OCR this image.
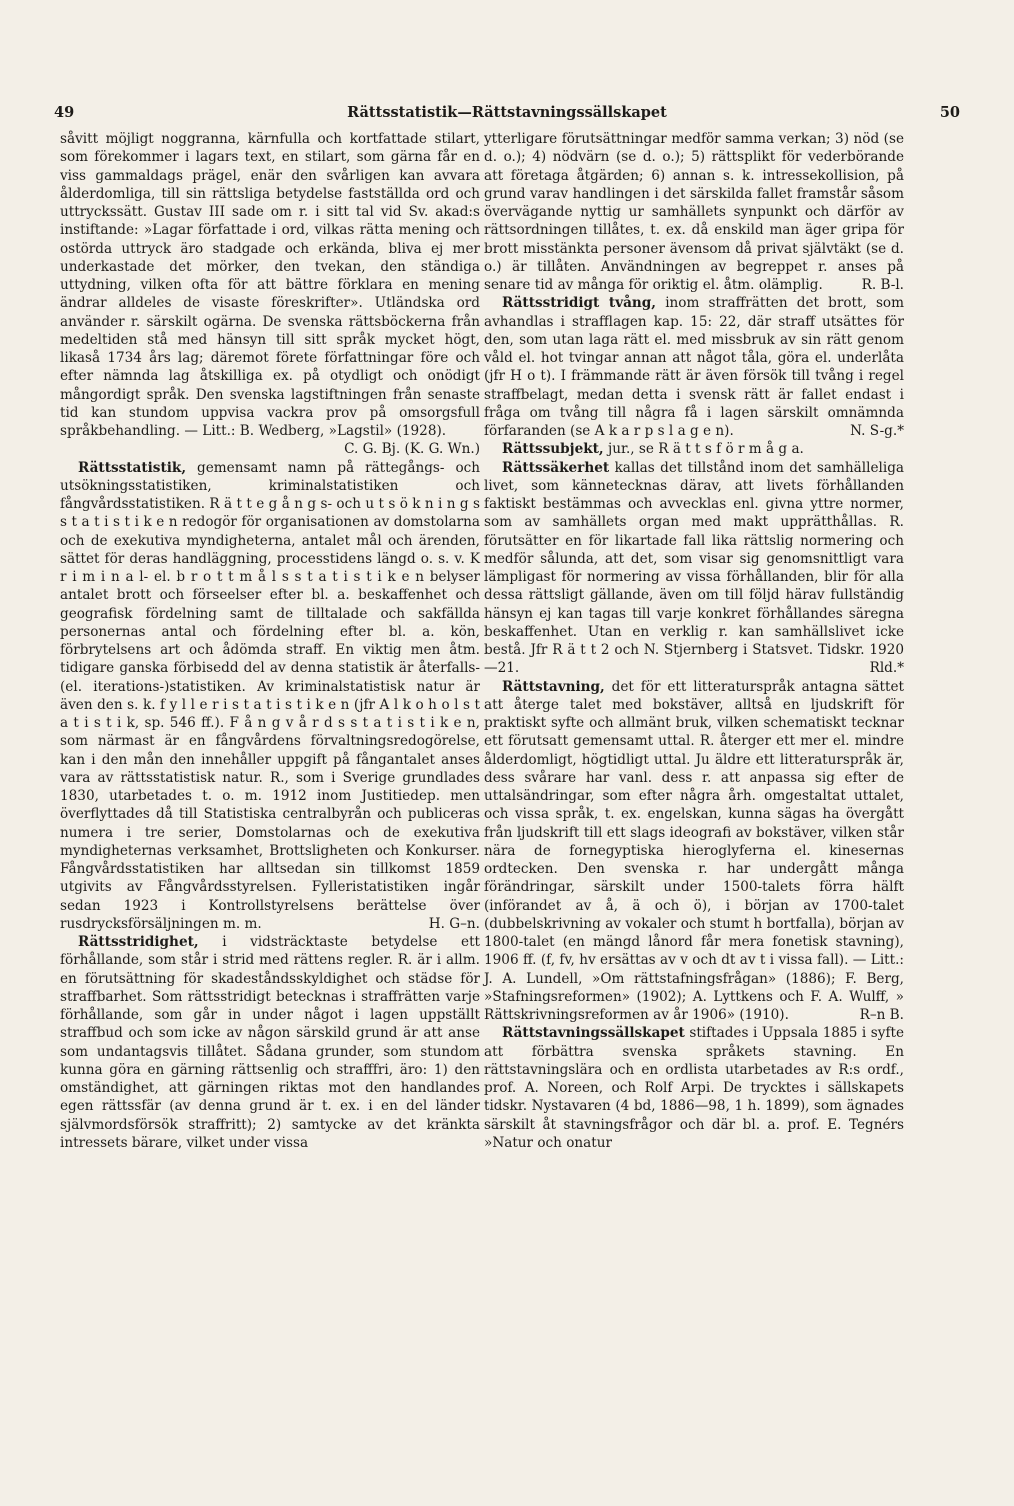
49	Rättsstatistik—Rättstavningssällskapet	50

såvitt möjligt noggranna, kärnfulla och kortfattade stilart, som förekommer i lagars text, en stilart, som gärna får en viss gammaldags prägel, enär den svårligen kan avvara ålderdomliga, till sin rättsliga betydelse fastställda ord och uttryckssätt. Gustav III sade om r. i sitt tal vid Sv. akad:s instiftande: »Lagar författade i ord, vilkas rätta mening och ostörda uttryck äro stadgade och erkända, bliva ej mer underkastade det mörker, den tvekan, den ständiga uttydning, vilken ofta för att bättre förklara en mening ändrar alldeles de visaste föreskrifter». Utländska ord använder r. särskilt ogärna. De svenska rättsböckerna från medeltiden stå med hänsyn till sitt språk mycket högt, likaså 1734 års lag; däremot förete författningar före och efter nämnda lag åtskilliga ex. på otydligt och onödigt mångordigt språk. Den svenska lagstiftningen från senaste tid kan stundom uppvisa vackra prov på omsorgsfull språkbehandling. — Litt.: B. Wedberg, »Lagstil» (1928).
C. G. Bj. (K. G. Wn.)

Rättsstatistik, gemensamt namn på rättegångs- och utsökningsstatistiken, kriminalstatistiken och fångvårdsstatistiken. R ä t t e g å n g s- och u t s ö k n i n g s s t a t i s t i k e n redogör för organisationen av domstolarna och de exekutiva myndigheterna, antalet mål och ärenden, sättet för deras handläggning, processtidens längd o. s. v. K r i m i n a l- el. b r o t t m å l s s t a t i s t i k e n belyser antalet brott och förseelser efter bl. a. beskaffenhet och geografisk fördelning samt de tilltalade och sakfällda personernas antal och fördelning efter bl. a. kön, förbrytelsens art och ådömda straff. En viktig men åtm. tidigare ganska förbisedd del av denna statistik är återfalls- (el. iterations-)statistiken. Av kriminalstatistisk natur är även den s. k. f y l l e r i s t a t i s t i k e n (jfr A l k o h o l s t a t i s t i k, sp. 546 ff.). F å n g v å r d s s t a t i s t i k e n, som närmast är en fångvårdens förvaltningsredogörelse, kan i den mån den innehåller uppgift på fångantalet anses vara av rättsstatistisk natur. R., som i Sverige grundlades 1830, utarbetades t. o. m. 1912 inom Justitiedep. men överflyttades då till Statistiska centralbyrån och publiceras numera i tre serier, Domstolarnas och de exekutiva myndigheternas verksamhet, Brottsligheten och Konkurser. Fångvårdsstatistiken har alltsedan sin tillkomst 1859 utgivits av Fångvårdsstyrelsen. Fylleristatistiken ingår sedan 1923 i Kontrollstyrelsens berättelse över rusdrycksförsäljningen m. m.	H. G–n.

Rättsstridighet, i vidsträcktaste betydelse ett förhållande, som står i strid med rättens regler. R. är i allm. en förutsättning för skadeståndsskyldighet och städse för straffbarhet. Som rättsstridigt betecknas i straffrätten varje förhållande, som går in under något i lagen uppställt straffbud och som icke av någon särskild grund är att anse som undantagsvis tillåtet. Sådana grunder, som stundom kunna göra en gärning rättsenlig och strafffri, äro: 1) den omständighet, att gärningen riktas mot den handlandes egen rättssfär (av denna grund är t. ex. i en del länder självmordsförsök straffritt); 2) samtycke av det kränkta intressets bärare, vilket under vissa

ytterligare förutsättningar medför samma verkan; 3) nöd (se d. o.); 4) nödvärn (se d. o.); 5) rättsplikt för vederbörande att företaga åtgärden; 6) annan s. k. intressekollision, på grund varav handlingen i det särskilda fallet framstår såsom övervägande nyttig ur samhällets synpunkt och därför av rättsordningen tillåtes, t. ex. då enskild man äger gripa för brott misstänkta personer ävensom då privat självtäkt (se d. o.) är tillåten. Användningen av begreppet r. anses på senare tid av många för oriktig el. åtm. olämplig.	R. B-l.

Rättsstridigt tvång, inom straffrätten det brott, som avhandlas i strafflagen kap. 15: 22, där straff utsättes för den, som utan laga rätt el. med missbruk av sin rätt genom våld el. hot tvingar annan att något tåla, göra el. underlåta (jfr H o t). I främmande rätt är även försök till tvång i regel straffbelagt, medan detta i svensk rätt är fallet endast i fråga om tvång till några få i lagen särskilt omnämnda förfaranden (se A k a r p s l a g e n).	N. S-g.*

Rättssubjekt, jur., se R ä t t s f ö r m å g a.

Rättssäkerhet kallas det tillstånd inom det samhälleliga livet, som kännetecknas därav, att livets förhållanden faktiskt bestämmas och avvecklas enl. givna yttre normer, som av samhällets organ med makt upprätthållas. R. förutsätter en för likartade fall lika rättslig normering och medför sålunda, att det, som visar sig genomsnittligt vara lämpligast för normering av vissa förhållanden, blir för alla dessa rättsligt gällande, även om till följd härav fullständig hänsyn ej kan tagas till varje konkret förhållandes säregna beskaffenhet. Utan en verklig r. kan samhällslivet icke bestå. Jfr R ä t t 2 och N. Stjernberg i Statsvet. Tidskr. 1920—21.	Rld.*

Rättstavning, det för ett litteraturspråk antagna sättet att återge talet med bokstäver, alltså en ljudskrift för praktiskt syfte och allmänt bruk, vilken schematiskt tecknar ett förutsatt gemensamt uttal. R. återger ett mer el. mindre ålderdomligt, högtidligt uttal. Ju äldre ett litteraturspråk är, dess svårare har vanl. dess r. att anpassa sig efter de uttalsändringar, som efter några årh. omgestaltat uttalet, och vissa språk, t. ex. engelskan, kunna sägas ha övergått från ljudskrift till ett slags ideografi av bokstäver, vilken står nära de fornegyptiska hieroglyferna el. kinesernas ordtecken. Den svenska r. har undergått många förändringar, särskilt under 1500-talets förra hälft (införandet av å, ä och ö), i början av 1700-talet (dubbelskrivning av vokaler och stumt h bortfalla), början av 1800-talet (en mängd lånord får mera fonetisk stavning), 1906 ff. (f, fv, hv ersättas av v och dt av t i vissa fall). — Litt.: J. A. Lundell, »Om rättstafningsfrågan» (1886); F. Berg, »Stafningsreformen» (1902); A. Lyttkens och F. A. Wulff, » Rättskrivningsreformen av år 1906» (1910).	R–n B.

Rättstavningssällskapet stiftades i Uppsala 1885 i syfte att förbättra svenska språkets stavning. En rättstavningslära och en ordlista utarbetades av R:s ordf., prof. A. Noreen, och Rolf Arpi. De trycktes i sällskapets tidskr. Nystavaren (4 bd, 1886—98, 1 h. 1899), som ägnades särskilt åt stavningsfrågor och där bl. a. prof. E. Tegnérs »Natur och onatur
